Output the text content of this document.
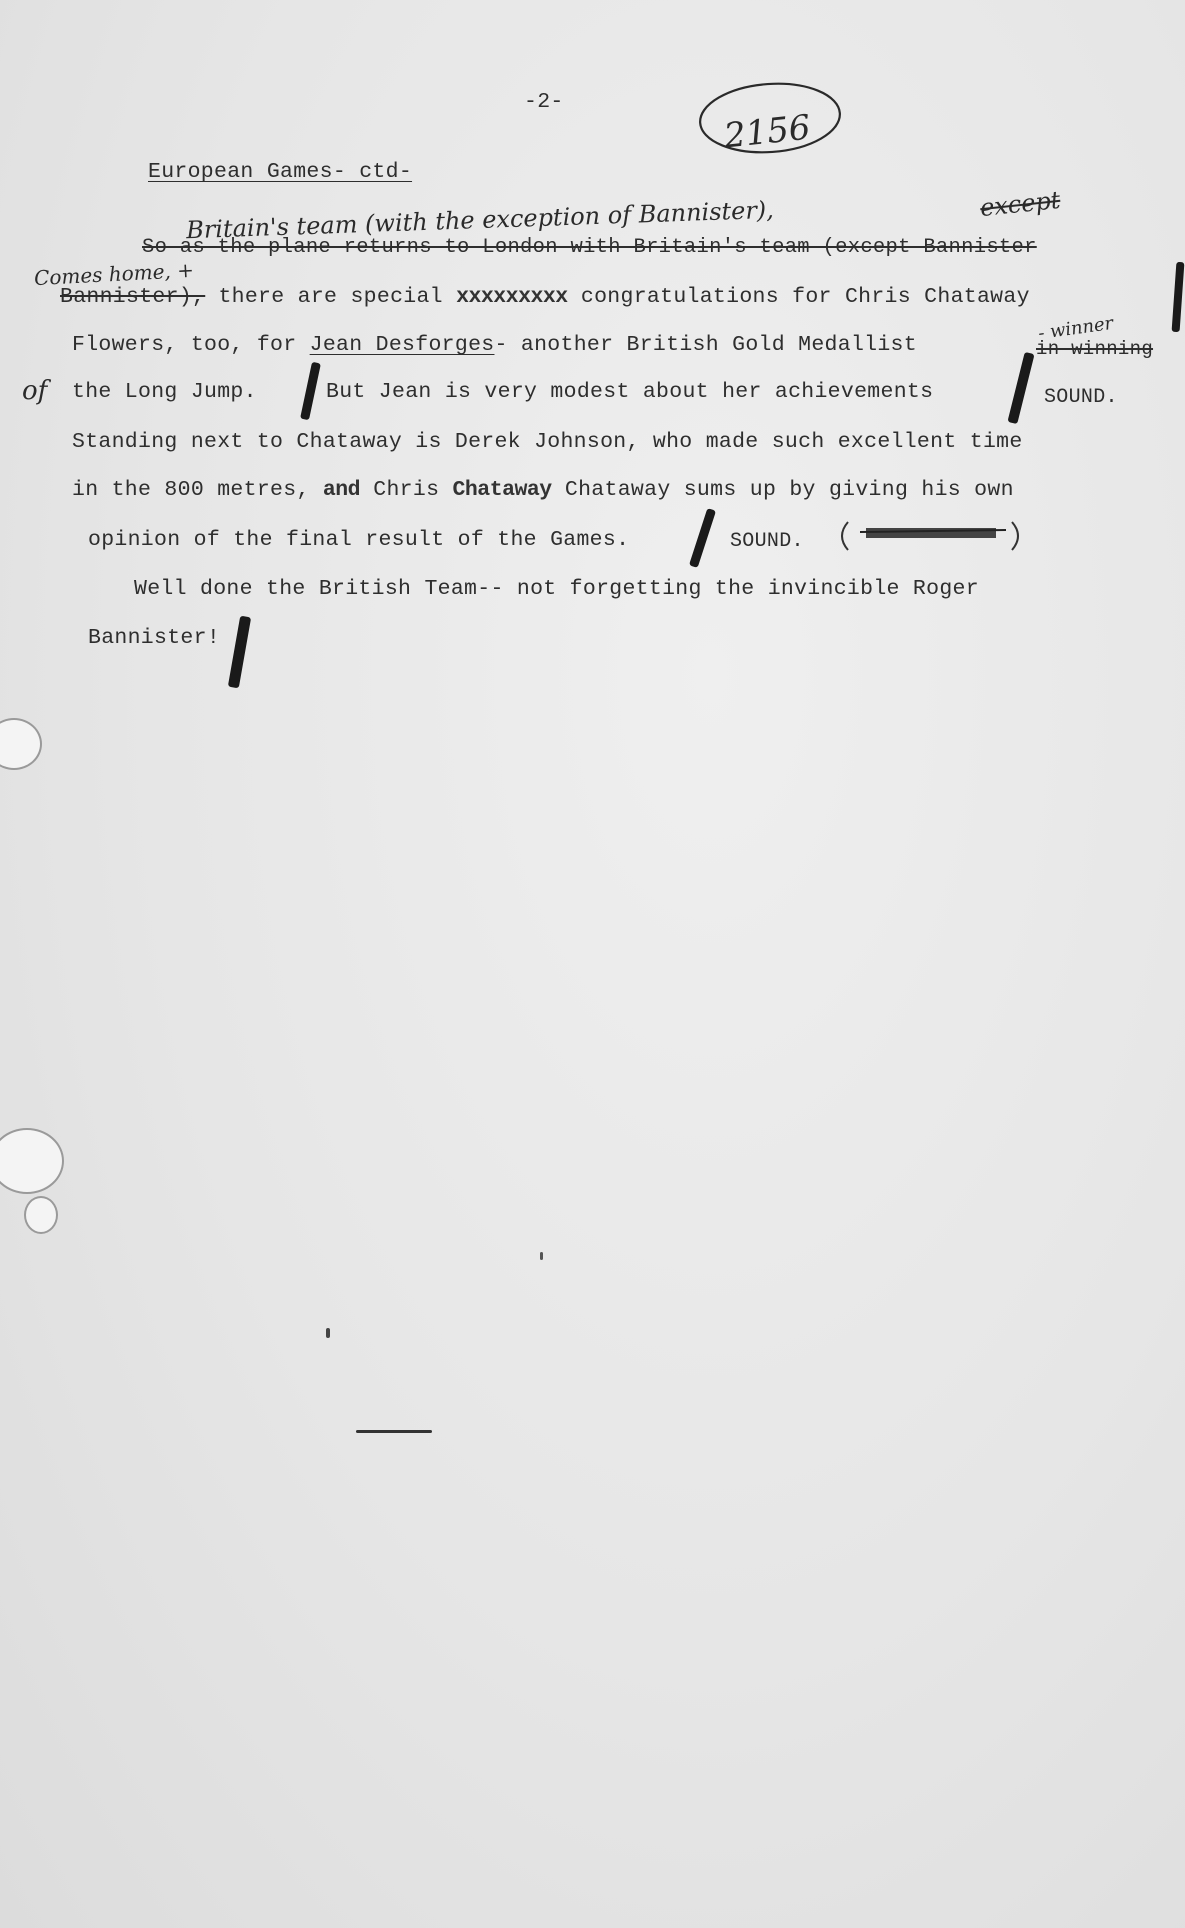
-2-
2156
European Games- ctd-
Britain's team (with the exception of Bannister),	except
So as the plane returns to London with Britain's team (except Bannister
Comes home, +
Bannister), there are special xxxxxxxxx congratulations for Chris Chataway
Flowers, too, for Jean Desforges- another British Gold Medallist
- winner
in winning
of the Long Jump.	But Jean is very modest about her achievements	SOUND.
Standing next to Chataway is Derek Johnson, who made such excellent time
in the 800 metres, and Chris Chataway Chataway sums up by giving his own
opinion of the final result of the Games.	SOUND.
Well done the British Team-- not forgetting the invincible Roger
Bannister!
